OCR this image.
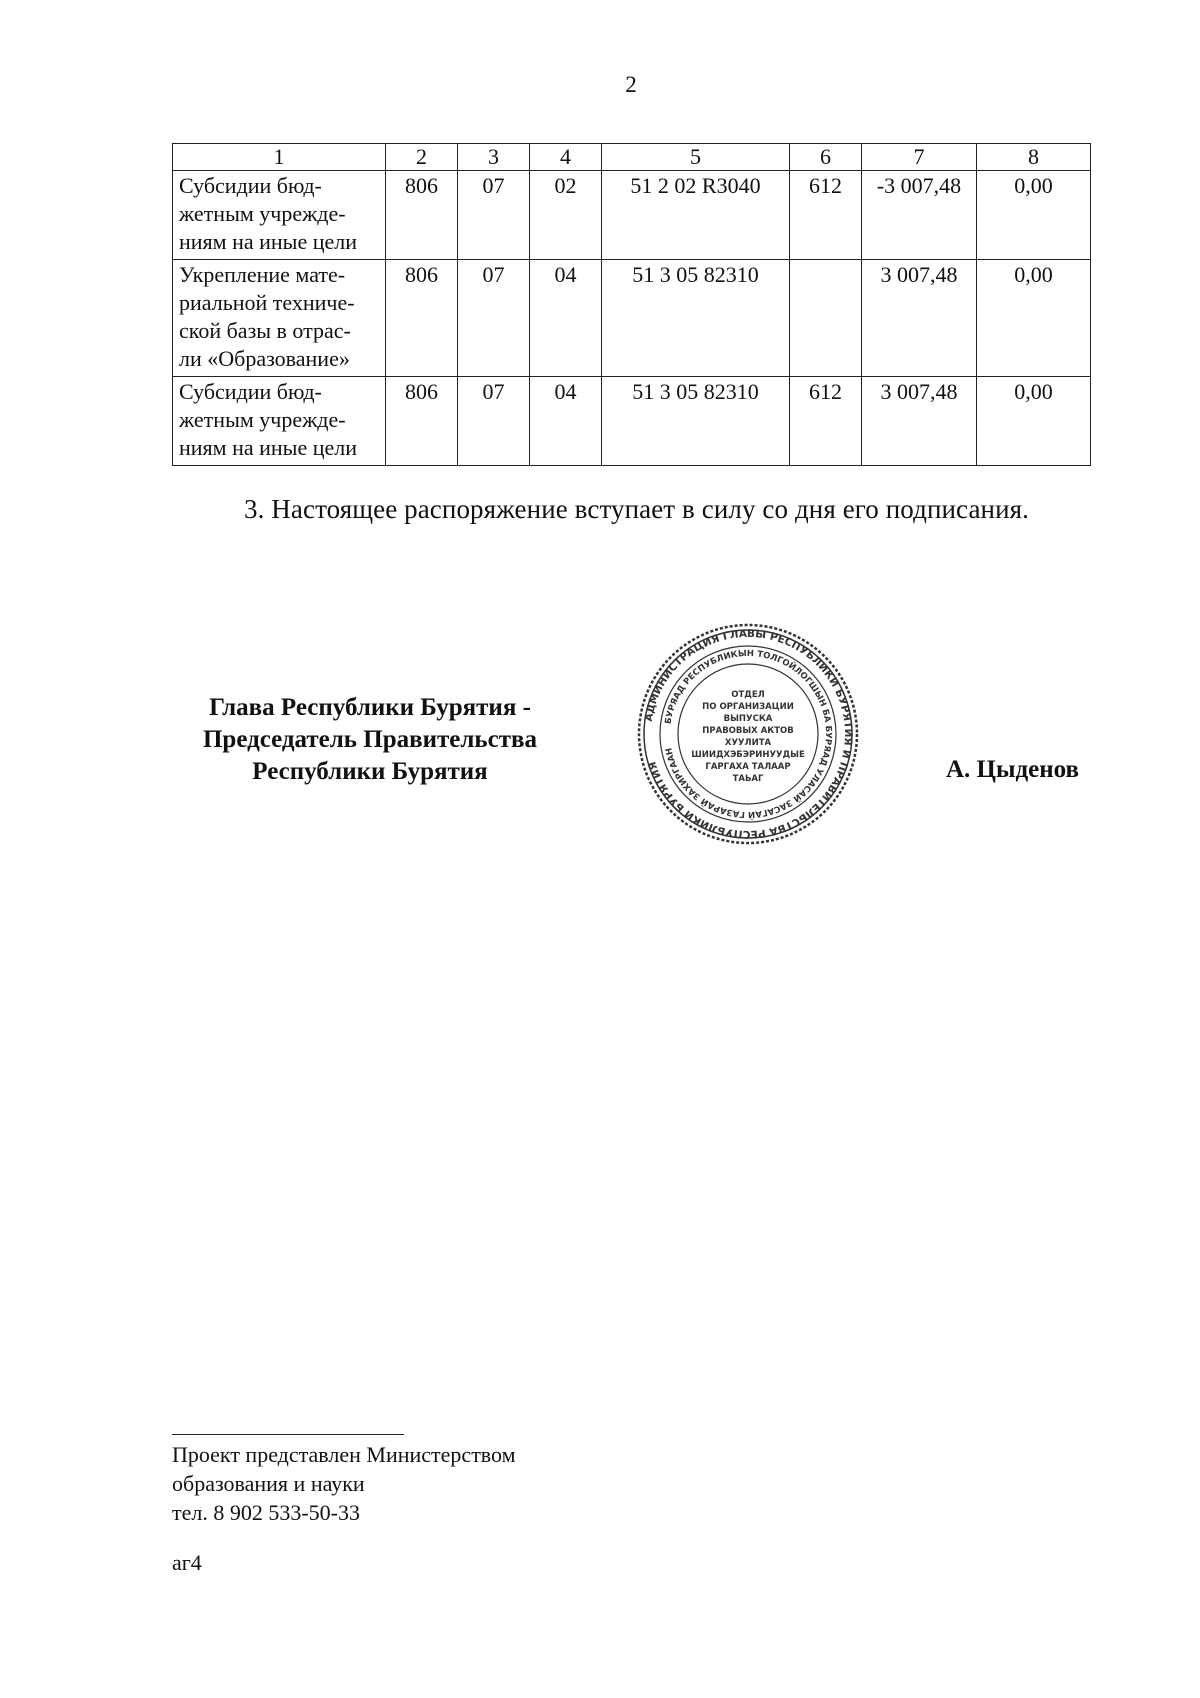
2
1	2	3	4	5	6	7	8

Субсидии бюд-
жетным учрежде-
ниям на иные цели	806	07	02	51 2 02 R3040	612	-3 007,48	0,00

Укрепление мате-
риальной техниче-
ской базы в отрас-
ли «Образование»	806	07	04	51 3 05 82310		3 007,48	0,00

Субсидии бюд-
жетным учрежде-
ниям на иные цели	806	07	04	51 3 05 82310	612	3 007,48	0,00
3. Настоящее распоряжение вступает в силу со дня его подписания.
Глава Республики Бурятия -
Председатель Правительства
Республики Бурятия
АДМИНИСТРАЦИЯ ГЛАВЫ РЕСПУБЛИКИ БУРЯТИЯ И ПРАВИТЕЛЬСТВА РЕСПУБЛИКИ БУРЯТИЯ
БУРЯАД РЕСПУБЛИКЫН ТОЛГОЙЛОГШЫН БА БУРЯАД УЛАСАЙ ЗАСАГАЙ ГАЗАРАЙ ЗАХИРГААН
ОТДЕЛ
ПО ОРГАНИЗАЦИИ
ВЫПУСКА
ПРАВОВЫХ АКТОВ
ХУУЛИТА
ШИИДХЭБЭРИНУУДЫЕ
ГАРГАХА ТАЛААР
ТАЬАГ	А. Цыденов
Проект представлен Министерством
образования и науки
тел. 8 902 533-50-33
аг4
